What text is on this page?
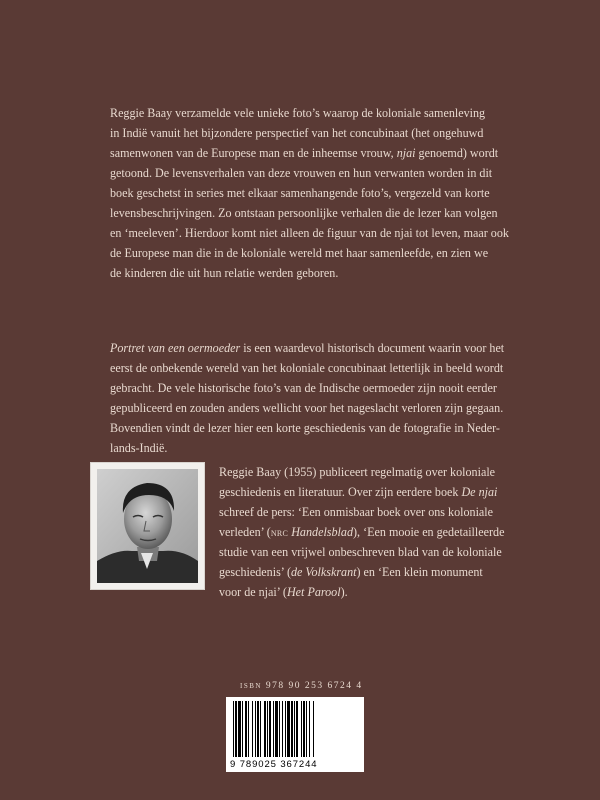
Reggie Baay verzamelde vele unieke foto’s waarop de koloniale samenleving
in Indië vanuit het bijzondere perspectief van het concubinaat (het ongehuwd
samenwonen van de Europese man en de inheemse vrouw, njai genoemd) wordt
getoond. De levensverhalen van deze vrouwen en hun verwanten worden in dit
boek geschetst in series met elkaar samenhangende foto’s, vergezeld van korte
levensbeschrijvingen. Zo ontstaan persoonlijke verhalen die de lezer kan volgen
en ‘meeleven’. Hierdoor komt niet alleen de figuur van de njai tot leven, maar ook
de Europese man die in de koloniale wereld met haar samenleefde, en zien we
de kinderen die uit hun relatie werden geboren.

Portret van een oermoeder is een waardevol historisch document waarin voor het
eerst de onbekende wereld van het koloniale concubinaat letterlijk in beeld wordt
gebracht. De vele historische foto’s van de Indische oermoeder zijn nooit eerder
gepubliceerd en zouden anders wellicht voor het nageslacht verloren zijn gegaan.
Bovendien vindt de lezer hier een korte geschiedenis van de fotografie in Neder-
lands-Indië.

Reggie Baay (1955) publiceert regelmatig over koloniale
geschiedenis en literatuur. Over zijn eerdere boek De njai
schreef de pers: ‘Een onmisbaar boek over ons koloniale
verleden’ (nrc Handelsblad), ‘Een mooie en gedetailleerde
studie van een vrijwel onbeschreven blad van de koloniale
geschiedenis’ (de Volkskrant) en ‘Een klein monument
voor de njai’ (Het Parool).

isbn 978 90 253 6724 4
9 789025 367244
